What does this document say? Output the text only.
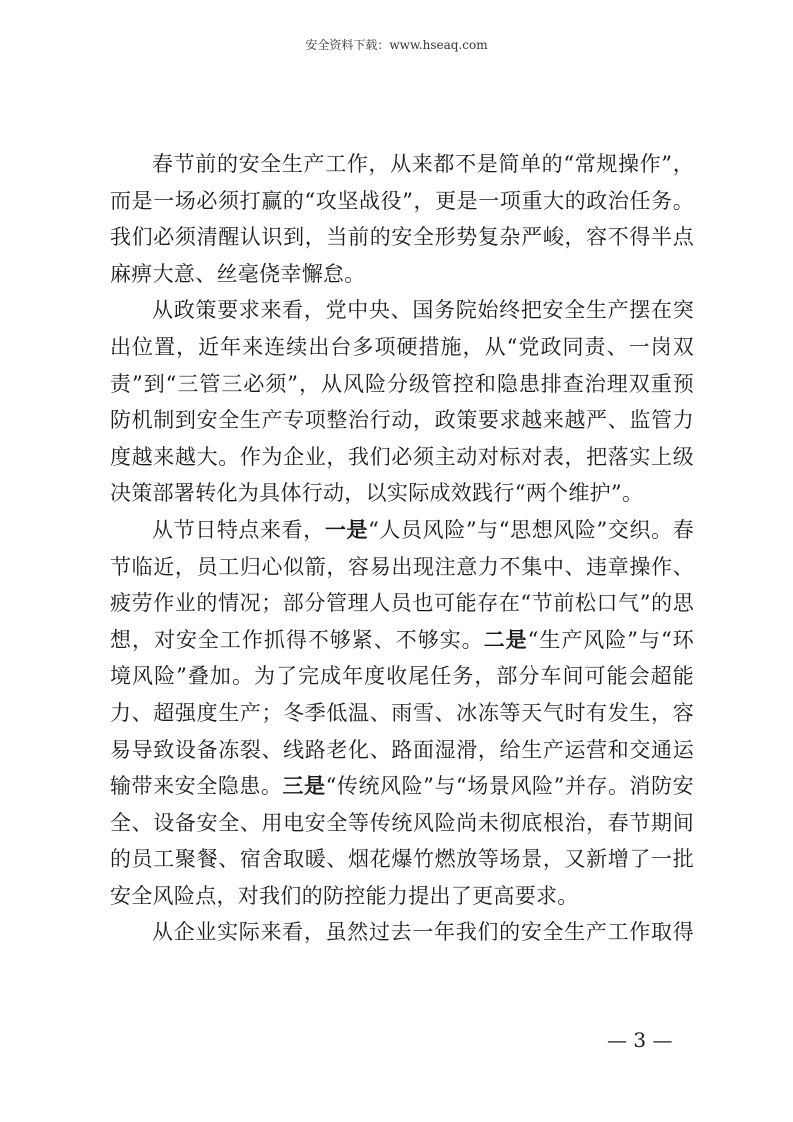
安全资料下载：www.hseaq.com

春节前的安全生产工作，从来都不是简单的“常规操作”，而是一场必须打赢的“攻坚战役”，更是一项重大的政治任务。我们必须清醒认识到，当前的安全形势复杂严峻，容不得半点麻痹大意、丝毫侥幸懈怠。

从政策要求来看，党中央、国务院始终把安全生产摆在突出位置，近年来连续出台多项硬措施，从“党政同责、一岗双责”到“三管三必须”，从风险分级管控和隐患排查治理双重预防机制到安全生产专项整治行动，政策要求越来越严、监管力度越来越大。作为企业，我们必须主动对标对表，把落实上级决策部署转化为具体行动，以实际成效践行“两个维护”。

从节日特点来看，一是“人员风险”与“思想风险”交织。春节临近，员工归心似箭，容易出现注意力不集中、违章操作、疲劳作业的情况；部分管理人员也可能存在“节前松口气”的思想，对安全工作抓得不够紧、不够实。二是“生产风险”与“环境风险”叠加。为了完成年度收尾任务，部分车间可能会超能力、超强度生产；冬季低温、雨雪、冰冻等天气时有发生，容易导致设备冻裂、线路老化、路面湿滑，给生产运营和交通运输带来安全隐患。三是“传统风险”与“场景风险”并存。消防安全、设备安全、用电安全等传统风险尚未彻底根治，春节期间的员工聚餐、宿舍取暖、烟花爆竹燃放等场景，又新增了一批安全风险点，对我们的防控能力提出了更高要求。

从企业实际来看，虽然过去一年我们的安全生产工作取得

— 3 —
